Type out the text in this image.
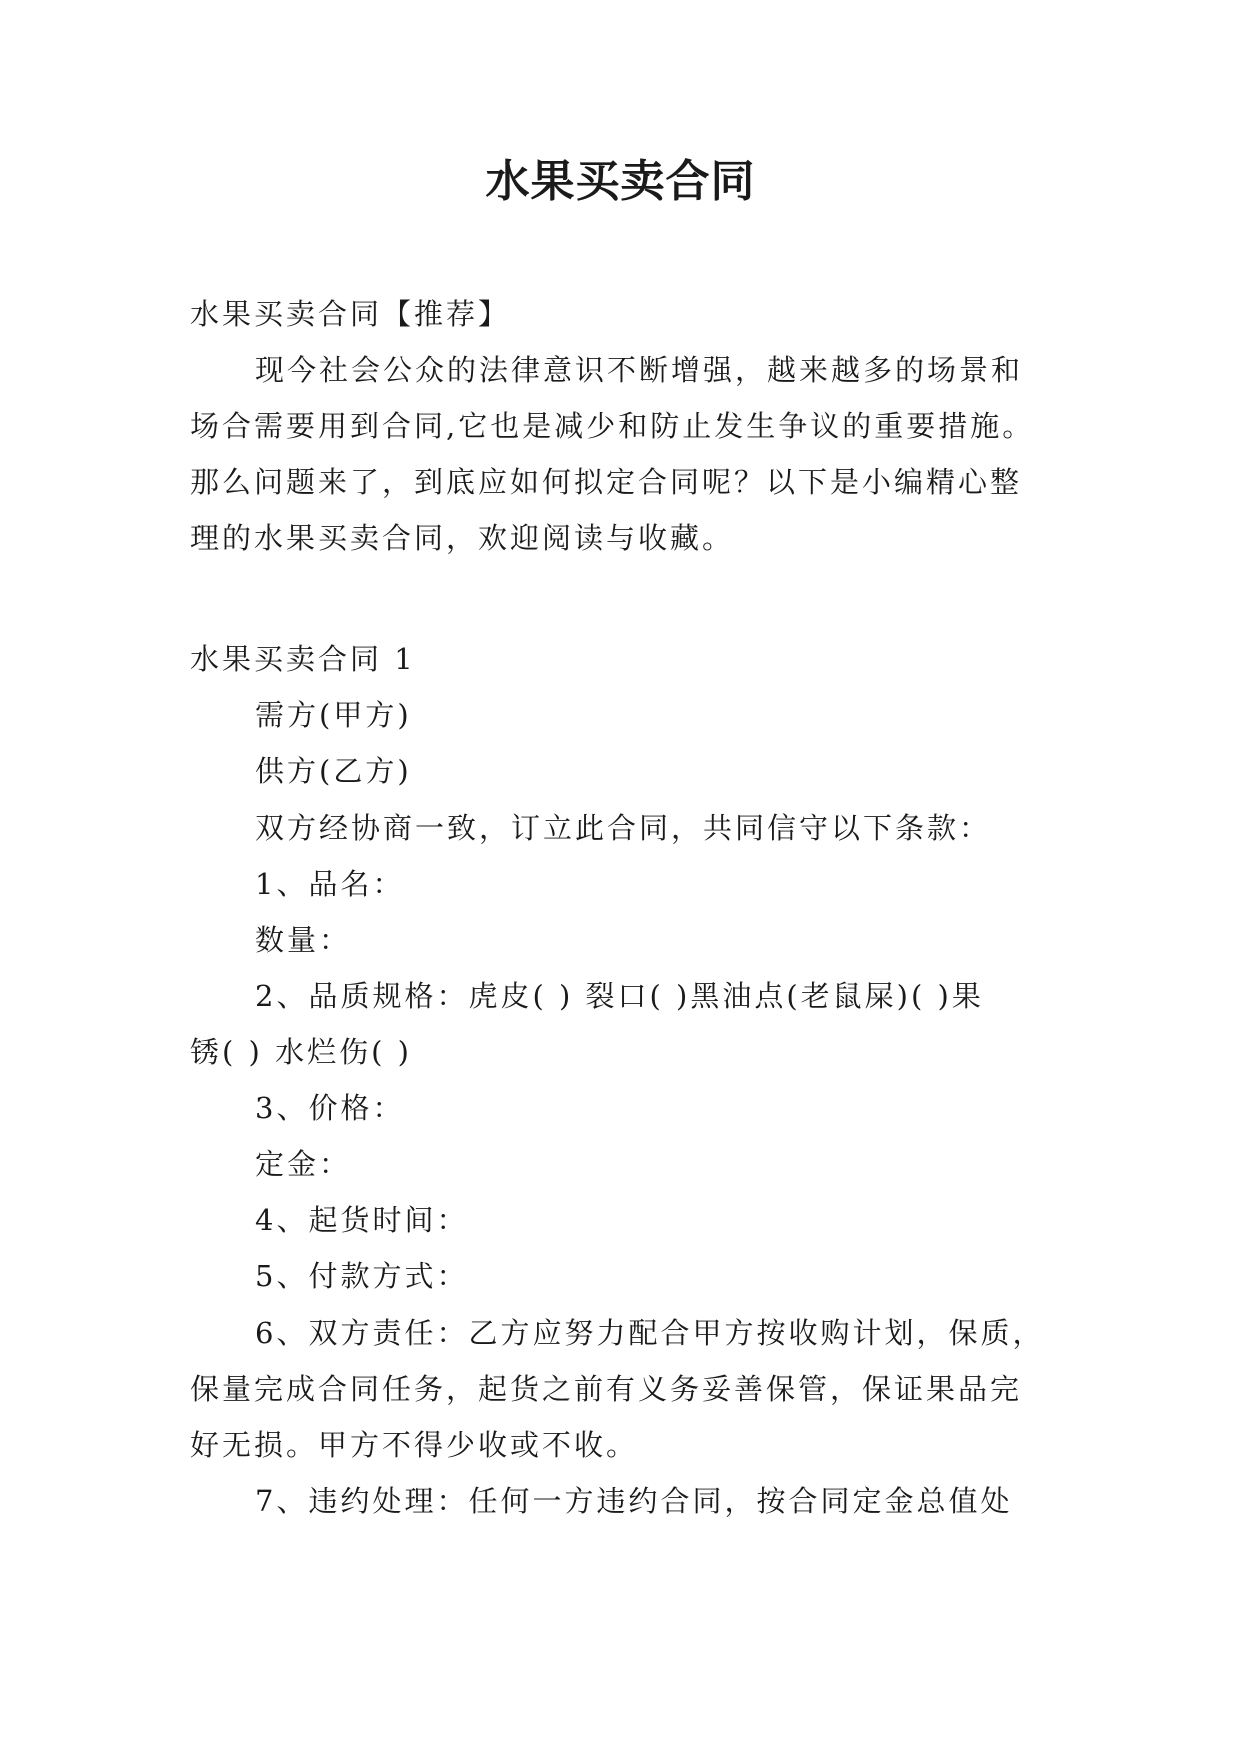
水果买卖合同
水果买卖合同【推荐】
现今社会公众的法律意识不断增强，越来越多的场景和
场合需要用到合同,它也是减少和防止发生争议的重要措施。
那么问题来了，到底应如何拟定合同呢？以下是小编精心整
理的水果买卖合同，欢迎阅读与收藏。
水果买卖合同 1
需方(甲方)
供方(乙方)
双方经协商一致，订立此合同，共同信守以下条款：
1、品名：
数量：
2、品质规格：虎皮( ) 裂口( )黑油点(老鼠屎)( )果
锈( ) 水烂伤( )
3、价格：
定金：
4、起货时间：
5、付款方式：
6、双方责任：乙方应努力配合甲方按收购计划，保质，
保量完成合同任务，起货之前有义务妥善保管，保证果品完
好无损。甲方不得少收或不收。
7、违约处理：任何一方违约合同，按合同定金总值处
